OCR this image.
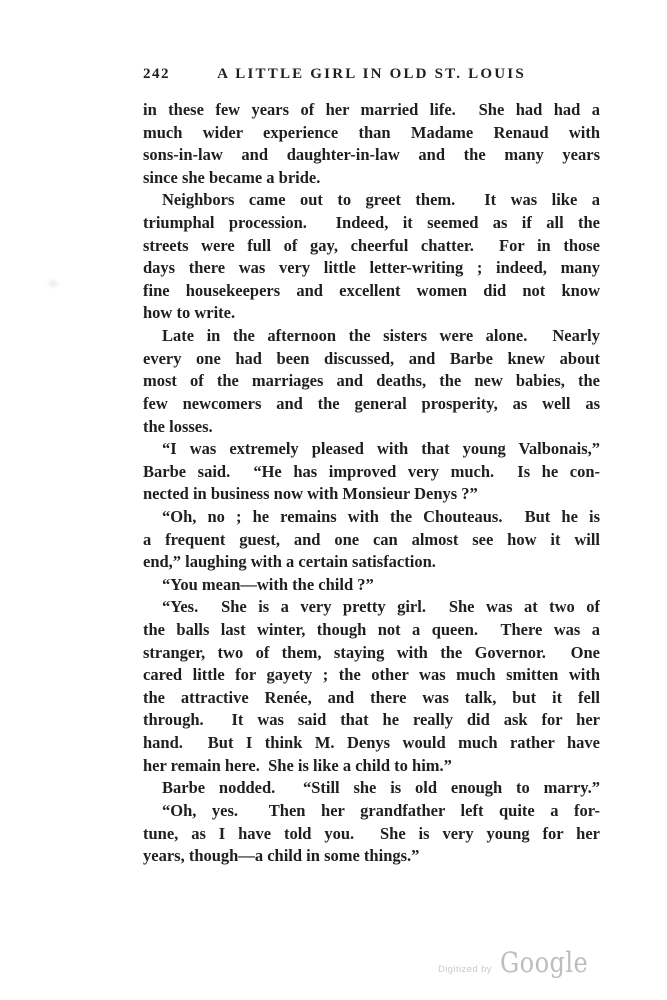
242	A LITTLE GIRL IN OLD ST. LOUIS
in these few years of her married life.  She had had a
much wider experience than Madame Renaud with
sons-in-law and daughter-in-law and the many years
since she became a bride.
Neighbors came out to greet them.  It was like a
triumphal procession.  Indeed, it seemed as if all the
streets were full of gay, cheerful chatter.  For in those
days there was very little letter-writing ; indeed, many
fine housekeepers and excellent women did not know
how to write.
Late in the afternoon the sisters were alone.  Nearly
every one had been discussed, and Barbe knew about
most of the marriages and deaths, the new babies, the
few newcomers and the general prosperity, as well as
the losses.
“I was extremely pleased with that young Valbonais,”
Barbe said.  “He has improved very much.  Is he con-
nected in business now with Monsieur Denys ?”
“Oh, no ; he remains with the Chouteaus.  But he is
a frequent guest, and one can almost see how it will
end,” laughing with a certain satisfaction.
“You mean—with the child ?”
“Yes.  She is a very pretty girl.  She was at two of
the balls last winter, though not a queen.  There was a
stranger, two of them, staying with the Governor.  One
cared little for gayety ; the other was much smitten with
the attractive Renée, and there was talk, but it fell
through.  It was said that he really did ask for her
hand.  But I think M. Denys would much rather have
her remain here.  She is like a child to him.”
Barbe nodded.  “Still she is old enough to marry.”
“Oh, yes.  Then her grandfather left quite a for-
tune, as I have told you.  She is very young for her
years, though—a child in some things.”
Digitized by Google
